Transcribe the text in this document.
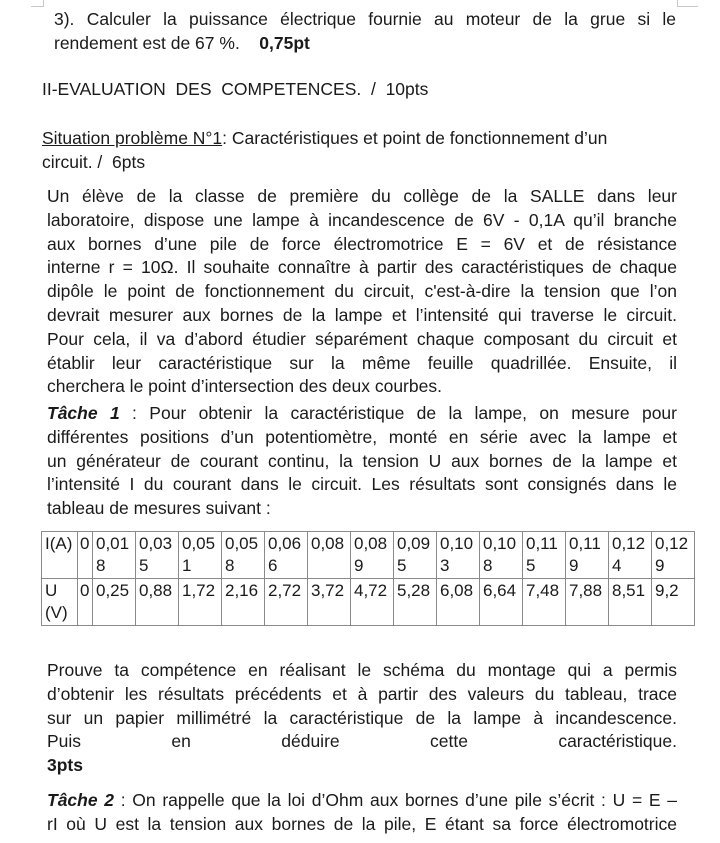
3). Calculer la puissance électrique fournie au moteur de la grue si le
rendement est de 67 %. 0,75pt
II-EVALUATION  DES  COMPETENCES.  /  10pts
Situation problème N°1: Caractéristiques et point de fonctionnement d’un
circuit. /  6pts
Un élève de la classe de première du collège de la SALLE dans leur
laboratoire, dispose une lampe à incandescence de 6V - 0,1A qu’il branche
aux bornes d’une pile de force électromotrice E = 6V et de résistance
interne r = 10Ω. Il souhaite connaître à partir des caractéristiques de chaque
dipôle le point de fonctionnement du circuit, c'est-à-dire la tension que l’on
devrait mesurer aux bornes de la lampe et l’intensité qui traverse le circuit.
Pour cela, il va d’abord étudier séparément chaque composant du circuit et
établir leur caractéristique sur la même feuille quadrillée. Ensuite, il
cherchera le point d’intersection des deux courbes.
Tâche 1 : Pour obtenir la caractéristique de la lampe, on mesure pour
différentes positions d’un potentiomètre, monté en série avec la lampe et
un générateur de courant continu, la tension U aux bornes de la lampe et
l’intensité I du courant dans le circuit. Les résultats sont consignés dans le
tableau de mesures suivant :
I(A)	0	0,018	0,035	0,051	0,058	0,066	0,08	0,089	0,095	0,103	0,108	0,115	0,119	0,124	0,129
U(V)	0	0,25	0,88	1,72	2,16	2,72	3,72	4,72	5,28	6,08	6,64	7,48	7,88	8,51	9,2
Prouve ta compétence en réalisant le schéma du montage qui a permis
d’obtenir les résultats précédents et à partir des valeurs du tableau, trace
sur un papier millimétré la caractéristique de la lampe à incandescence.
Puis en déduire cette caractéristique.
3pts
Tâche 2 : On rappelle que la loi d’Ohm aux bornes d’une pile s’écrit : U = E –
rI où U est la tension aux bornes de la pile, E étant sa force électromotrice
